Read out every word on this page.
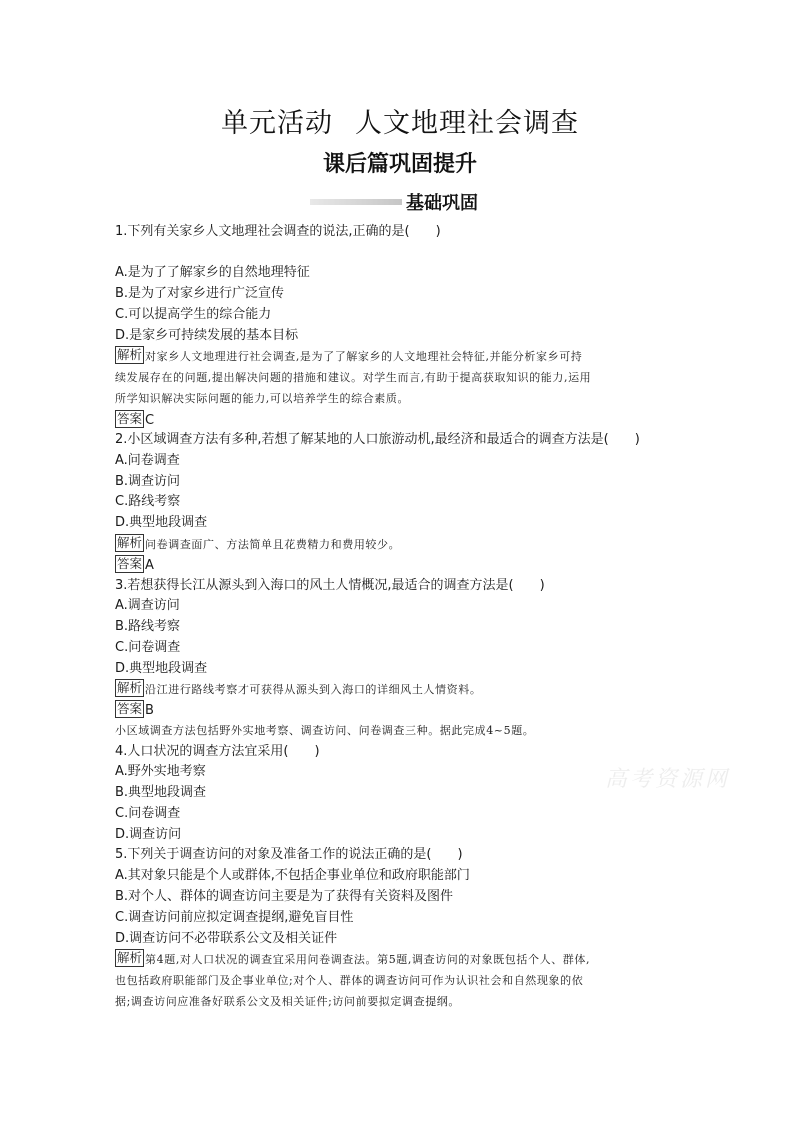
单元活动 人文地理社会调查
课后篇巩固提升
基础巩固
1.下列有关家乡人文地理社会调查的说法,正确的是(　　)
A.是为了了解家乡的自然地理特征
B.是为了对家乡进行广泛宣传
C.可以提高学生的综合能力
D.是家乡可持续发展的基本目标
解析 对家乡人文地理进行社会调查,是为了了解家乡的人文地理社会特征,并能分析家乡可持
续发展存在的问题,提出解决问题的措施和建议。对学生而言,有助于提高获取知识的能力,运用
所学知识解决实际问题的能力,可以培养学生的综合素质。
答案 C
2.小区域调查方法有多种,若想了解某地的人口旅游动机,最经济和最适合的调查方法是(　　)
A.问卷调查
B.调查访问
C.路线考察
D.典型地段调查
解析 问卷调查面广、方法简单且花费精力和费用较少。
答案 A
3.若想获得长江从源头到入海口的风土人情概况,最适合的调查方法是(　　)
A.调查访问
B.路线考察
C.问卷调查
D.典型地段调查
解析 沿江进行路线考察才可获得从源头到入海口的详细风土人情资料。
答案 B
小区域调查方法包括野外实地考察、调查访问、问卷调查三种。据此完成4~5题。
4.人口状况的调查方法宜采用(　　)
A.野外实地考察
B.典型地段调查
C.问卷调查
D.调查访问
5.下列关于调查访问的对象及准备工作的说法正确的是(　　)
A.其对象只能是个人或群体,不包括企事业单位和政府职能部门
B.对个人、群体的调查访问主要是为了获得有关资料及图件
C.调查访问前应拟定调查提纲,避免盲目性
D.调查访问不必带联系公文及相关证件
解析 第4题,对人口状况的调查宜采用问卷调查法。第5题,调查访问的对象既包括个人、群体,
也包括政府职能部门及企事业单位;对个人、群体的调查访问可作为认识社会和自然现象的依
据;调查访问应准备好联系公文及相关证件;访问前要拟定调查提纲。
高考资源网
